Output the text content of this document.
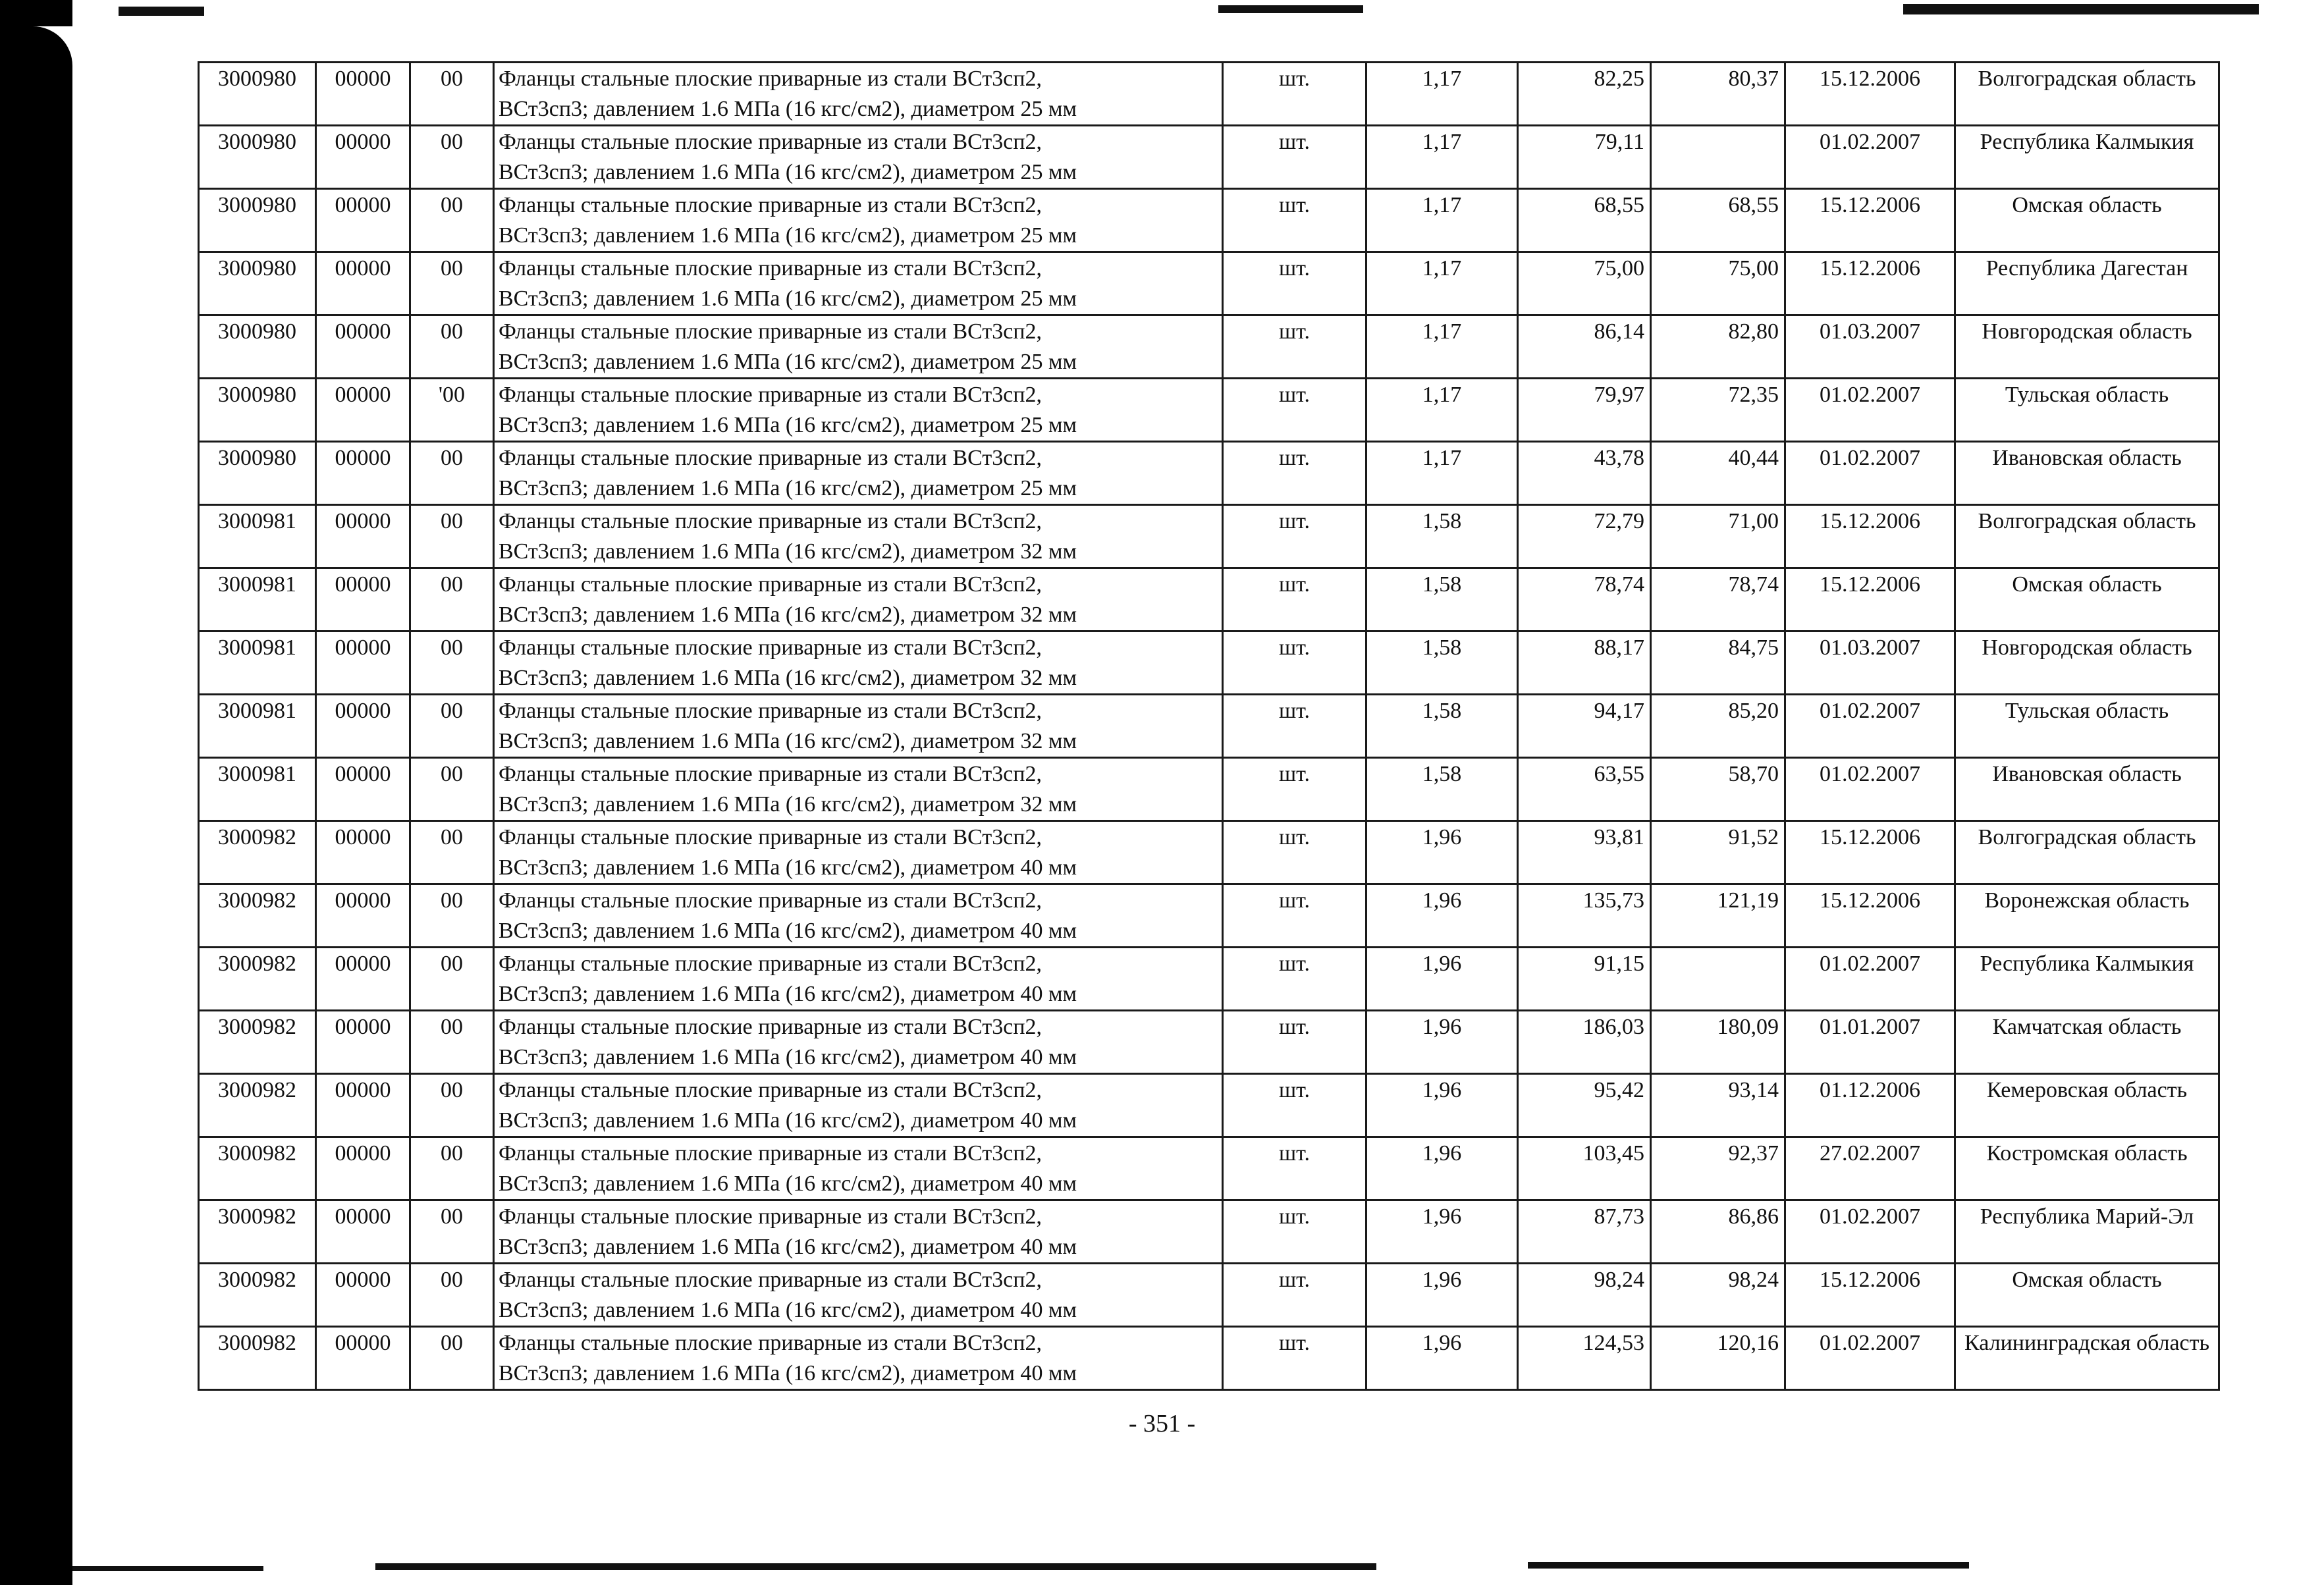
3000980	00000	00	Фланцы стальные плоские приварные из стали ВСт3сп2,
ВСт3сп3; давлением 1.6 МПа (16 кгс/см2), диаметром 25 мм	шт.	1,17	82,25	80,37	15.12.2006	Волгоградская область
3000980	00000	00	Фланцы стальные плоские приварные из стали ВСт3сп2,
ВСт3сп3; давлением 1.6 МПа (16 кгс/см2), диаметром 25 мм	шт.	1,17	79,11		01.02.2007	Республика Калмыкия
3000980	00000	00	Фланцы стальные плоские приварные из стали ВСт3сп2,
ВСт3сп3; давлением 1.6 МПа (16 кгс/см2), диаметром 25 мм	шт.	1,17	68,55	68,55	15.12.2006	Омская область
3000980	00000	00	Фланцы стальные плоские приварные из стали ВСт3сп2,
ВСт3сп3; давлением 1.6 МПа (16 кгс/см2), диаметром 25 мм	шт.	1,17	75,00	75,00	15.12.2006	Республика Дагестан
3000980	00000	00	Фланцы стальные плоские приварные из стали ВСт3сп2,
ВСт3сп3; давлением 1.6 МПа (16 кгс/см2), диаметром 25 мм	шт.	1,17	86,14	82,80	01.03.2007	Новгородская область
3000980	00000	'00	Фланцы стальные плоские приварные из стали ВСт3сп2,
ВСт3сп3; давлением 1.6 МПа (16 кгс/см2), диаметром 25 мм	шт.	1,17	79,97	72,35	01.02.2007	Тульская область
3000980	00000	00	Фланцы стальные плоские приварные из стали ВСт3сп2,
ВСт3сп3; давлением 1.6 МПа (16 кгс/см2), диаметром 25 мм	шт.	1,17	43,78	40,44	01.02.2007	Ивановская область
3000981	00000	00	Фланцы стальные плоские приварные из стали ВСт3сп2,
ВСт3сп3; давлением 1.6 МПа (16 кгс/см2), диаметром 32 мм	шт.	1,58	72,79	71,00	15.12.2006	Волгоградская область
3000981	00000	00	Фланцы стальные плоские приварные из стали ВСт3сп2,
ВСт3сп3; давлением 1.6 МПа (16 кгс/см2), диаметром 32 мм	шт.	1,58	78,74	78,74	15.12.2006	Омская область
3000981	00000	00	Фланцы стальные плоские приварные из стали ВСт3сп2,
ВСт3сп3; давлением 1.6 МПа (16 кгс/см2), диаметром 32 мм	шт.	1,58	88,17	84,75	01.03.2007	Новгородская область
3000981	00000	00	Фланцы стальные плоские приварные из стали ВСт3сп2,
ВСт3сп3; давлением 1.6 МПа (16 кгс/см2), диаметром 32 мм	шт.	1,58	94,17	85,20	01.02.2007	Тульская область
3000981	00000	00	Фланцы стальные плоские приварные из стали ВСт3сп2,
ВСт3сп3; давлением 1.6 МПа (16 кгс/см2), диаметром 32 мм	шт.	1,58	63,55	58,70	01.02.2007	Ивановская область
3000982	00000	00	Фланцы стальные плоские приварные из стали ВСт3сп2,
ВСт3сп3; давлением 1.6 МПа (16 кгс/см2), диаметром 40 мм	шт.	1,96	93,81	91,52	15.12.2006	Волгоградская область
3000982	00000	00	Фланцы стальные плоские приварные из стали ВСт3сп2,
ВСт3сп3; давлением 1.6 МПа (16 кгс/см2), диаметром 40 мм	шт.	1,96	135,73	121,19	15.12.2006	Воронежская область
3000982	00000	00	Фланцы стальные плоские приварные из стали ВСт3сп2,
ВСт3сп3; давлением 1.6 МПа (16 кгс/см2), диаметром 40 мм	шт.	1,96	91,15		01.02.2007	Республика Калмыкия
3000982	00000	00	Фланцы стальные плоские приварные из стали ВСт3сп2,
ВСт3сп3; давлением 1.6 МПа (16 кгс/см2), диаметром 40 мм	шт.	1,96	186,03	180,09	01.01.2007	Камчатская область
3000982	00000	00	Фланцы стальные плоские приварные из стали ВСт3сп2,
ВСт3сп3; давлением 1.6 МПа (16 кгс/см2), диаметром 40 мм	шт.	1,96	95,42	93,14	01.12.2006	Кемеровская область
3000982	00000	00	Фланцы стальные плоские приварные из стали ВСт3сп2,
ВСт3сп3; давлением 1.6 МПа (16 кгс/см2), диаметром 40 мм	шт.	1,96	103,45	92,37	27.02.2007	Костромская область
3000982	00000	00	Фланцы стальные плоские приварные из стали ВСт3сп2,
ВСт3сп3; давлением 1.6 МПа (16 кгс/см2), диаметром 40 мм	шт.	1,96	87,73	86,86	01.02.2007	Республика Марий-Эл
3000982	00000	00	Фланцы стальные плоские приварные из стали ВСт3сп2,
ВСт3сп3; давлением 1.6 МПа (16 кгс/см2), диаметром 40 мм	шт.	1,96	98,24	98,24	15.12.2006	Омская область
3000982	00000	00	Фланцы стальные плоские приварные из стали ВСт3сп2,
ВСт3сп3; давлением 1.6 МПа (16 кгс/см2), диаметром 40 мм	шт.	1,96	124,53	120,16	01.02.2007	Калининградская область
- 351 -
